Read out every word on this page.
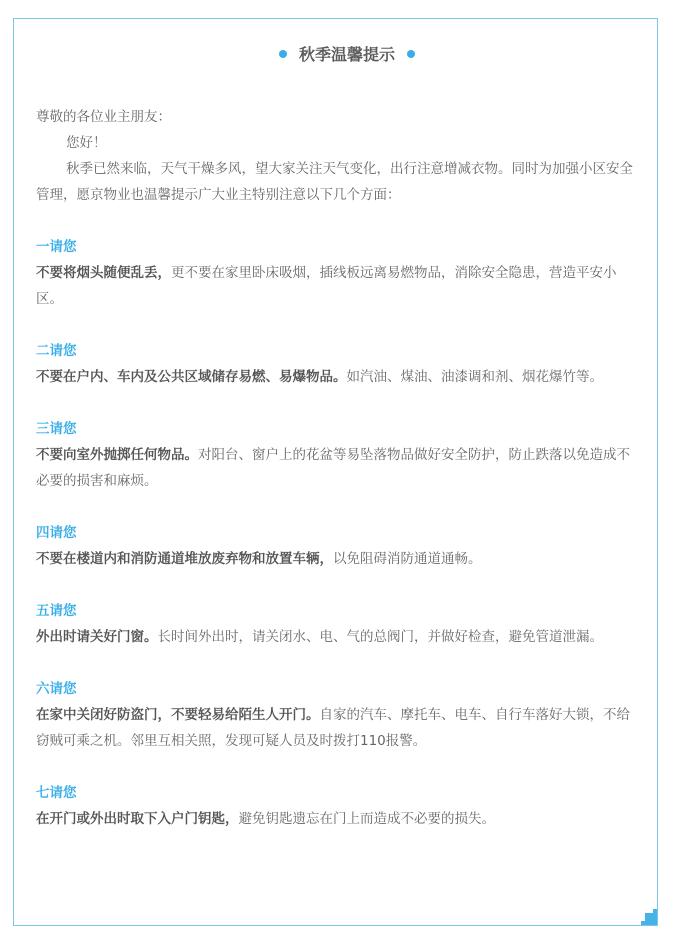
秋季温馨提示

尊敬的各位业主朋友：

您好！

秋季已然来临，天气干燥多风，望大家关注天气变化，出行注意增减衣物。同时为加强小区安全管理，愿京物业也温馨提示广大业主特别注意以下几个方面：

一请您

不要将烟头随便乱丢，更不要在家里卧床吸烟，插线板远离易燃物品，消除安全隐患，营造平安小区。

二请您

不要在户内、车内及公共区域储存易燃、易爆物品。如汽油、煤油、油漆调和剂、烟花爆竹等。

三请您

不要向室外抛掷任何物品。对阳台、窗户上的花盆等易坠落物品做好安全防护，防止跌落以免造成不必要的损害和麻烦。

四请您

不要在楼道内和消防通道堆放废弃物和放置车辆，以免阻碍消防通道通畅。

五请您

外出时请关好门窗。长时间外出时，请关闭水、电、气的总阀门，并做好检查，避免管道泄漏。

六请您

在家中关闭好防盗门，不要轻易给陌生人开门。自家的汽车、摩托车、电车、自行车落好大锁，不给窃贼可乘之机。邻里互相关照，发现可疑人员及时拨打110报警。

七请您

在开门或外出时取下入户门钥匙，避免钥匙遗忘在门上而造成不必要的损失。
